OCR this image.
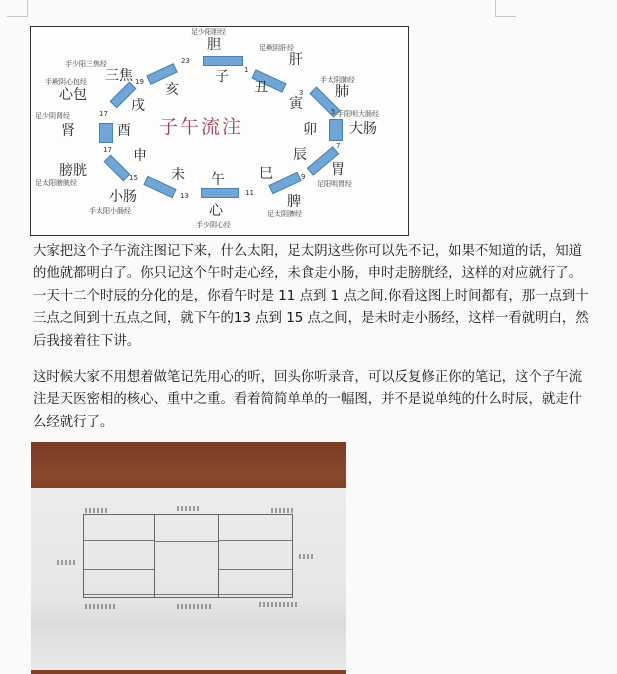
子午流注
足少阳胆经
胆
23
子
足厥阴肝经
肝
1
丑	手太阴肺经
肺
3
寅	5 手阳明大肠经
卯 大肠
7
辰
胃
足阳明胃经
9
巳
脾
足太阴脾经
午
11
心
手少阴心经
未
13
小肠
手太阳小肠经
申
15
膀胱
足太阳膀胱经
足少阴肾经	17
肾	酉
17
19
手厥阴心包经
心包
戌
手少阳三焦经
三焦
亥

大家把这个子午流注图记下来，什么太阳，足太阴这些你可以先不记，如果不知道的话，知道的他就都明白了。你只记这个午时走心经，未食走小肠，申时走膀胱经，这样的对应就行了。一天十二个时辰的分化的是，你看午时是 11 点到 1 点之间.你看这图上时间都有，那一点到十三点之间到十五点之间，就下午的13 点到 15 点之间，是未时走小肠经，这样一看就明白，然后我接着往下讲。

这时候大家不用想着做笔记先用心的听，回头你听录音，可以反复修正你的笔记，这个子午流注是天医密相的核心、重中之重。看着简简单单的一幅图，并不是说单纯的什么时辰，就走什么经就行了。
